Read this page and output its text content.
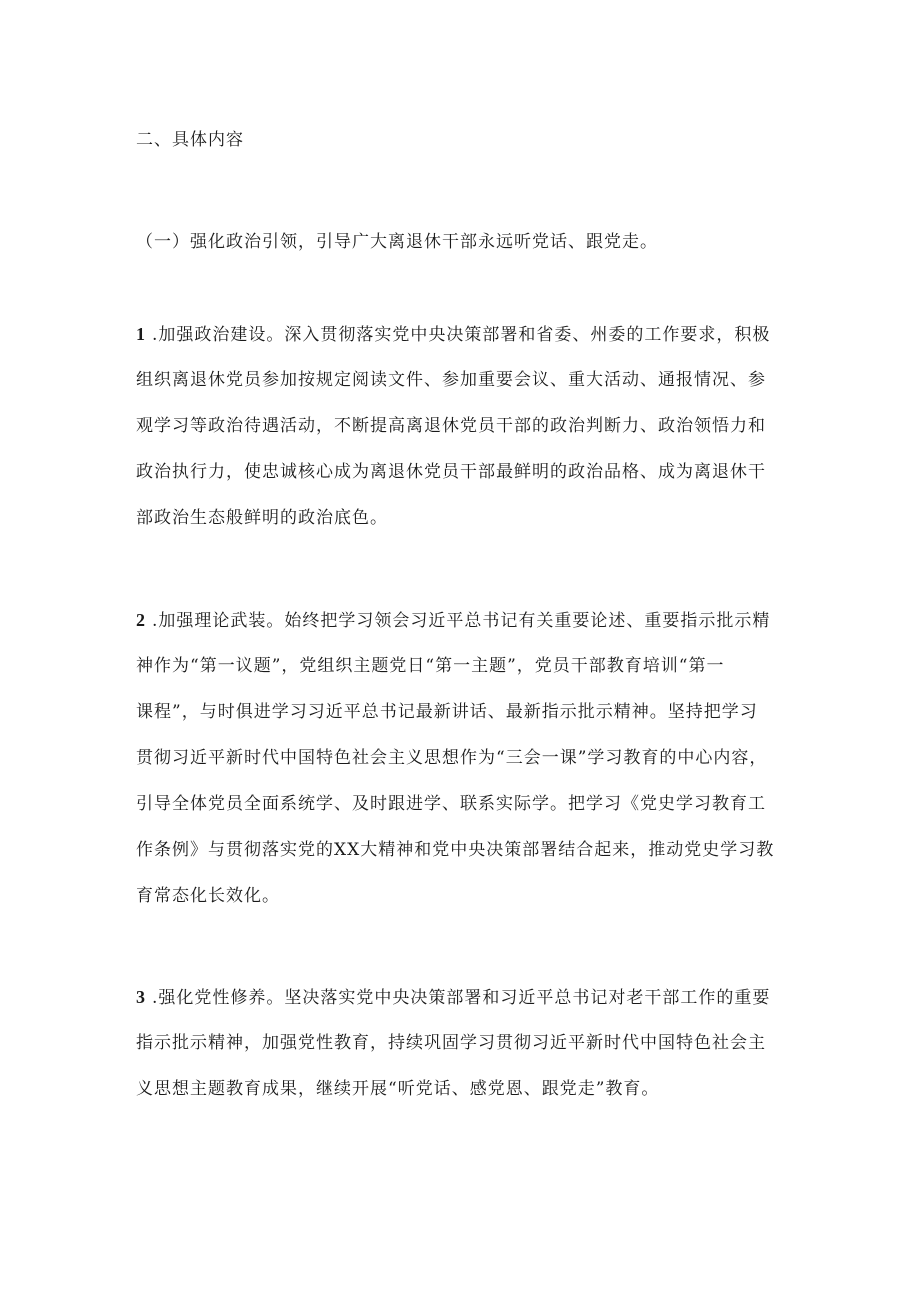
二、具体内容
（一）强化政治引领，引导广大离退休干部永远听党话、跟党走。
1 .加强政治建设。深入贯彻落实党中央决策部署和省委、州委的工作要求，积极
组织离退休党员参加按规定阅读文件、参加重要会议、重大活动、通报情况、参
观学习等政治待遇活动，不断提高离退休党员干部的政治判断力、政治领悟力和
政治执行力，使忠诚核心成为离退休党员干部最鲜明的政治品格、成为离退休干
部政治生态般鲜明的政治底色。
2 .加强理论武装。始终把学习领会习近平总书记有关重要论述、重要指示批示精
神作为“第一议题”，党组织主题党日“第一主题”，党员干部教育培训“第一
课程”，与时俱进学习习近平总书记最新讲话、最新指示批示精神。坚持把学习
贯彻习近平新时代中国特色社会主义思想作为“三会一课”学习教育的中心内容，
引导全体党员全面系统学、及时跟进学、联系实际学。把学习《党史学习教育工
作条例》与贯彻落实党的XX大精神和党中央决策部署结合起来，推动党史学习教
育常态化长效化。
3 .强化党性修养。坚决落实党中央决策部署和习近平总书记对老干部工作的重要
指示批示精神，加强党性教育，持续巩固学习贯彻习近平新时代中国特色社会主
义思想主题教育成果，继续开展“听党话、感党恩、跟党走”教育。
